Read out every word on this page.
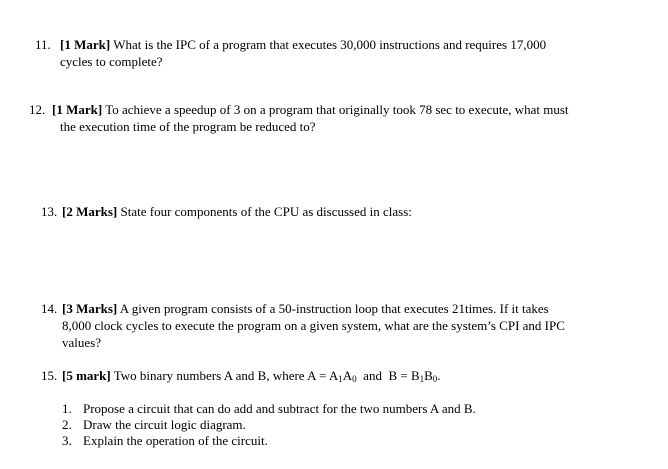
11. [1 Mark] What is the IPC of a program that executes 30,000 instructions and requires 17,000
cycles to complete?
12. [1 Mark] To achieve a speedup of 3 on a program that originally took 78 sec to execute, what must
the execution time of the program be reduced to?
13. [2 Marks] State four components of the CPU as discussed in class:
14. [3 Marks] A given program consists of a 50-instruction loop that executes 21times. If it takes
8,000 clock cycles to execute the program on a given system, what are the system’s CPI and IPC
values?
15. [5 mark] Two binary numbers A and B, where $A = A_1A_0$  and  $B = B_1B_0$.
1. Propose a circuit that can do add and subtract for the two numbers A and B.
2. Draw the circuit logic diagram.
3. Explain the operation of the circuit.
